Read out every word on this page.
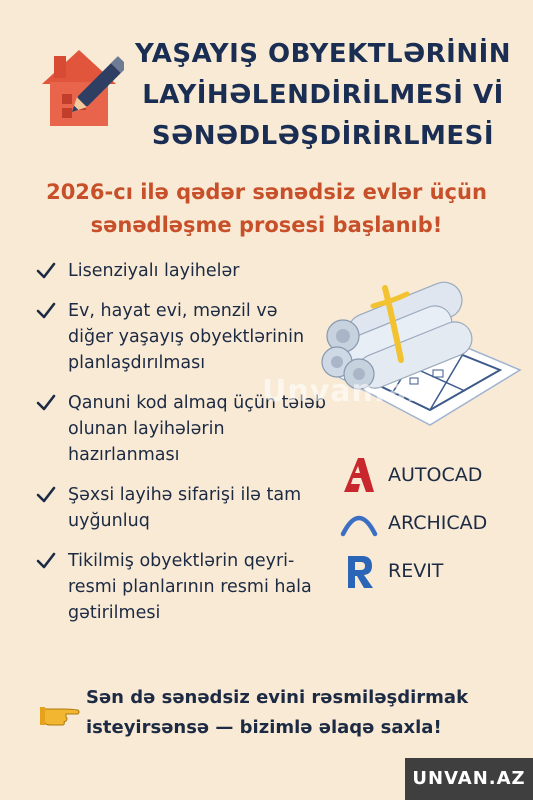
YAŞAYIŞ OBYEKTLƏRİNİN
LAYİHƏLENDİRİLMESİ Vİ
SƏNƏDLƏŞDİRİRLMESİ
2026-cı ilə qədər sənədsiz evlər üçün
sənədləşme prosesi başlanıb!
Lisenziyalı layihelər
Ev, hayat evi, mənzil və diğer yaşayış obyektlərinin planlaşdırılması
Qanuni kod almaq üçün tələb olunan layihələrin hazırlanması
Şəxsi layihə sifarişi ilə tam uyğunluq
Tikilmiş obyektlərin qeyri-resmi planlarının resmi hala gətirilmesi
Unvan.az
AUTOCAD
ARCHICAD
REVIT
Sən də sənədsiz evini rəsmiləşdirmak
isteyirsənsə — bizimlə əlaqə saxla!
UNVAN.AZ
